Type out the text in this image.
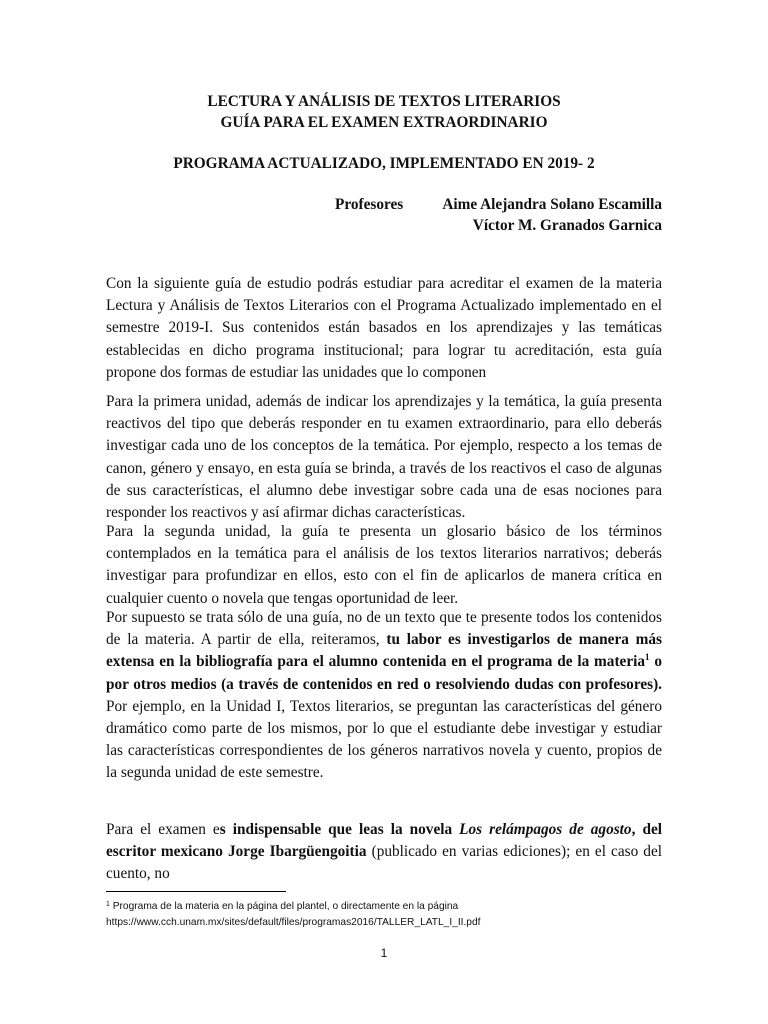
LECTURA Y ANÁLISIS DE TEXTOS LITERARIOS
GUÍA PARA EL EXAMEN EXTRAORDINARIO
PROGRAMA ACTUALIZADO, IMPLEMENTADO EN 2019- 2
Profesores	Aime Alejandra Solano Escamilla
Víctor M. Granados Garnica
Con la siguiente guía de estudio podrás estudiar para acreditar el examen de la materia Lectura y Análisis de Textos Literarios con el Programa Actualizado implementado en el semestre 2019-I. Sus contenidos están basados en los aprendizajes y las temáticas establecidas en dicho programa institucional; para lograr tu acreditación, esta guía propone dos formas de estudiar las unidades que lo componen
Para la primera unidad, además de indicar los aprendizajes y la temática, la guía presenta reactivos del tipo que deberás responder en tu examen extraordinario, para ello deberás investigar cada uno de los conceptos de la temática. Por ejemplo, respecto a los temas de canon, género y ensayo, en esta guía se brinda, a través de los reactivos el caso de algunas de sus características, el alumno debe investigar sobre cada una de esas nociones para responder los reactivos y así afirmar dichas características.
Para la segunda unidad, la guía te presenta un glosario básico de los términos contemplados en la temática para el análisis de los textos literarios narrativos; deberás investigar para profundizar en ellos, esto con el fin de aplicarlos de manera crítica en cualquier cuento o novela que tengas oportunidad de leer.
Por supuesto se trata sólo de una guía, no de un texto que te presente todos los contenidos de la materia. A partir de ella, reiteramos, tu labor es investigarlos de manera más extensa en la bibliografía para el alumno contenida en el programa de la materia$^1$ o por otros medios (a través de contenidos en red o resolviendo dudas con profesores). Por ejemplo, en la Unidad I, Textos literarios, se preguntan las características del género dramático como parte de los mismos, por lo que el estudiante debe investigar y estudiar las características correspondientes de los géneros narrativos novela y cuento, propios de la segunda unidad de este semestre.
Para el examen es indispensable que leas la novela Los relámpagos de agosto, del escritor mexicano Jorge Ibargüengoitia (publicado en varias ediciones); en el caso del cuento, no
$^1$ Programa de la materia en la página del plantel, o directamente en la página
https://www.cch.unam.mx/sites/default/files/programas2016/TALLER_LATL_I_II.pdf
1
